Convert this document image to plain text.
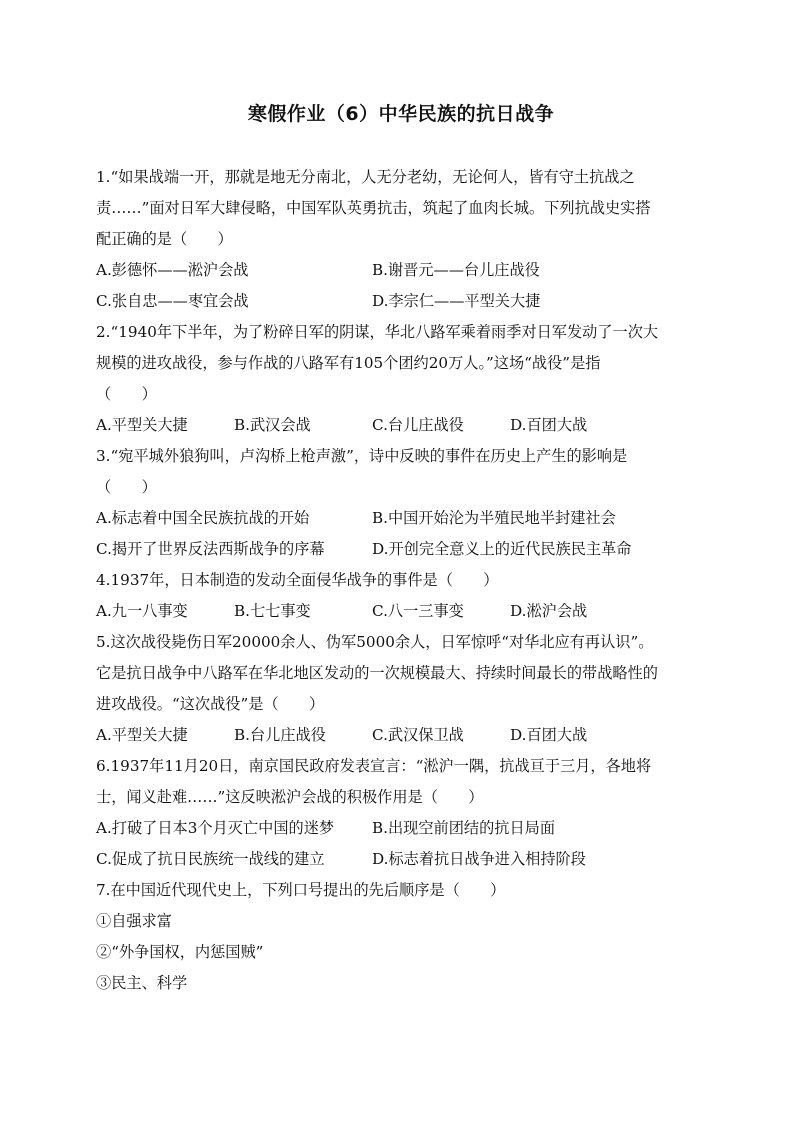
寒假作业（6）中华民族的抗日战争
1.“如果战端一开，那就是地无分南北，人无分老幼，无论何人，皆有守土抗战之
责……”面对日军大肆侵略，中国军队英勇抗击，筑起了血肉长城。下列抗战史实搭
配正确的是（　　）
A.彭德怀——淞沪会战	B.谢晋元——台儿庄战役
C.张自忠——枣宜会战	D.李宗仁——平型关大捷
2.“1940年下半年，为了粉碎日军的阴谋，华北八路军乘着雨季对日军发动了一次大
规模的进攻战役，参与作战的八路军有105个团约20万人。”这场“战役”是指
（　　）
A.平型关大捷	B.武汉会战	C.台儿庄战役	D.百团大战
3.“宛平城外狼狗叫，卢沟桥上枪声激”，诗中反映的事件在历史上产生的影响是
（　　）
A.标志着中国全民族抗战的开始	B.中国开始沦为半殖民地半封建社会
C.揭开了世界反法西斯战争的序幕	D.开创完全意义上的近代民族民主革命
4.1937年，日本制造的发动全面侵华战争的事件是（　　）
A.九一八事变	B.七七事变	C.八一三事变	D.淞沪会战
5.这次战役毙伤日军20000余人、伪军5000余人，日军惊呼“对华北应有再认识”。
它是抗日战争中八路军在华北地区发动的一次规模最大、持续时间最长的带战略性的
进攻战役。“这次战役”是（　　）
A.平型关大捷	B.台儿庄战役	C.武汉保卫战	D.百团大战
6.1937年11月20日，南京国民政府发表宣言：“淞沪一隅，抗战亘于三月，各地将
士，闻义赴难……”这反映淞沪会战的积极作用是（　　）
A.打破了日本3个月灭亡中国的迷梦	B.出现空前团结的抗日局面
C.促成了抗日民族统一战线的建立	D.标志着抗日战争进入相持阶段
7.在中国近代现代史上，下列口号提出的先后顺序是（　　）
①自强求富
②“外争国权，内惩国贼”
③民主、科学
